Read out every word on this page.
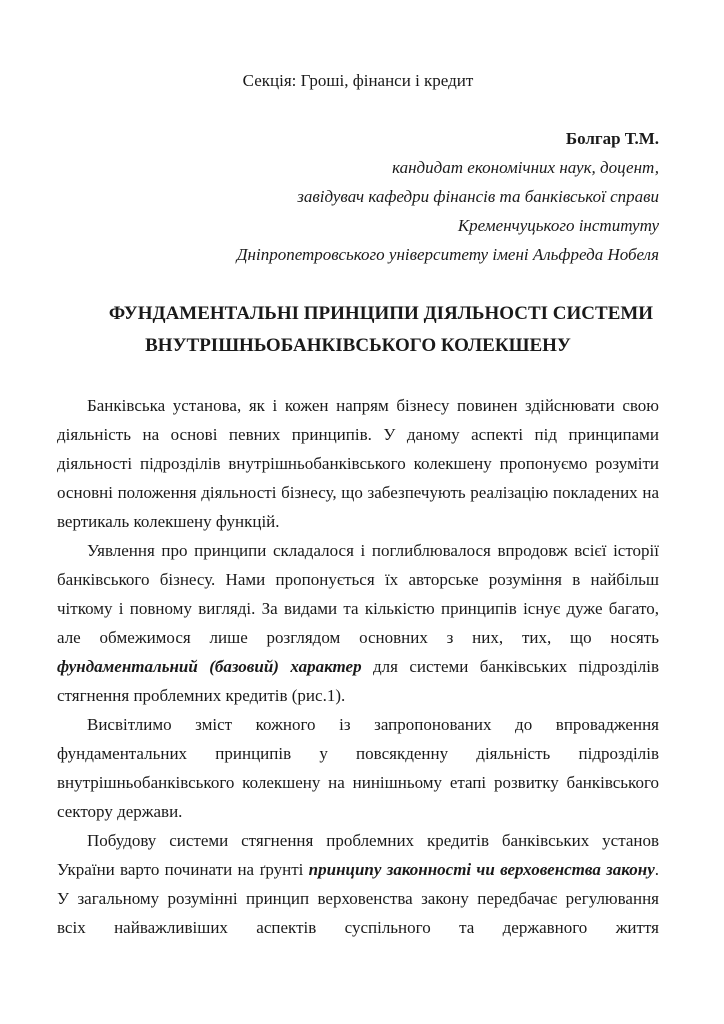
Секція: Гроші, фінанси і кредит
Болгар Т.М.
кандидат економічних наук, доцент,
завідувач кафедри фінансів та банківської справи
Кременчуцького інституту
Дніпропетровського університету імені Альфреда Нобеля
ФУНДАМЕНТАЛЬНІ ПРИНЦИПИ ДІЯЛЬНОСТІ СИСТЕМИ ВНУТРІШНЬОБАНКІВСЬКОГО КОЛЕКШЕНУ

Банківська установа, як і кожен напрям бізнесу повинен здійснювати свою діяльність на основі певних принципів. У даному аспекті під принципами діяльності підрозділів внутрішньобанківського колекшену пропонуємо розуміти основні положення діяльності бізнесу, що забезпечують реалізацію покладених на вертикаль колекшену функцій.

Уявлення про принципи складалося і поглиблювалося впродовж всієї історії банківського бізнесу. Нами пропонується їх авторське розуміння в найбільш чіткому і повному вигляді. За видами та кількістю принципів існує дуже багато, але обмежимося лише розглядом основних з них, тих, що носять фундаментальний (базовий) характер для системи банківських підрозділів стягнення проблемних кредитів (рис.1).

Висвітлимо зміст кожного із запропонованих до впровадження фундаментальних принципів у повсякденну діяльність підрозділів внутрішньобанківського колекшену на нинішньому етапі розвитку банківського сектору держави.

Побудову системи стягнення проблемних кредитів банківських установ України варто починати на ґрунті принципу законності чи верховенства закону. У загальному розумінні принцип верховенства закону передбачає регулювання всіх найважливіших аспектів суспільного та державного життя
